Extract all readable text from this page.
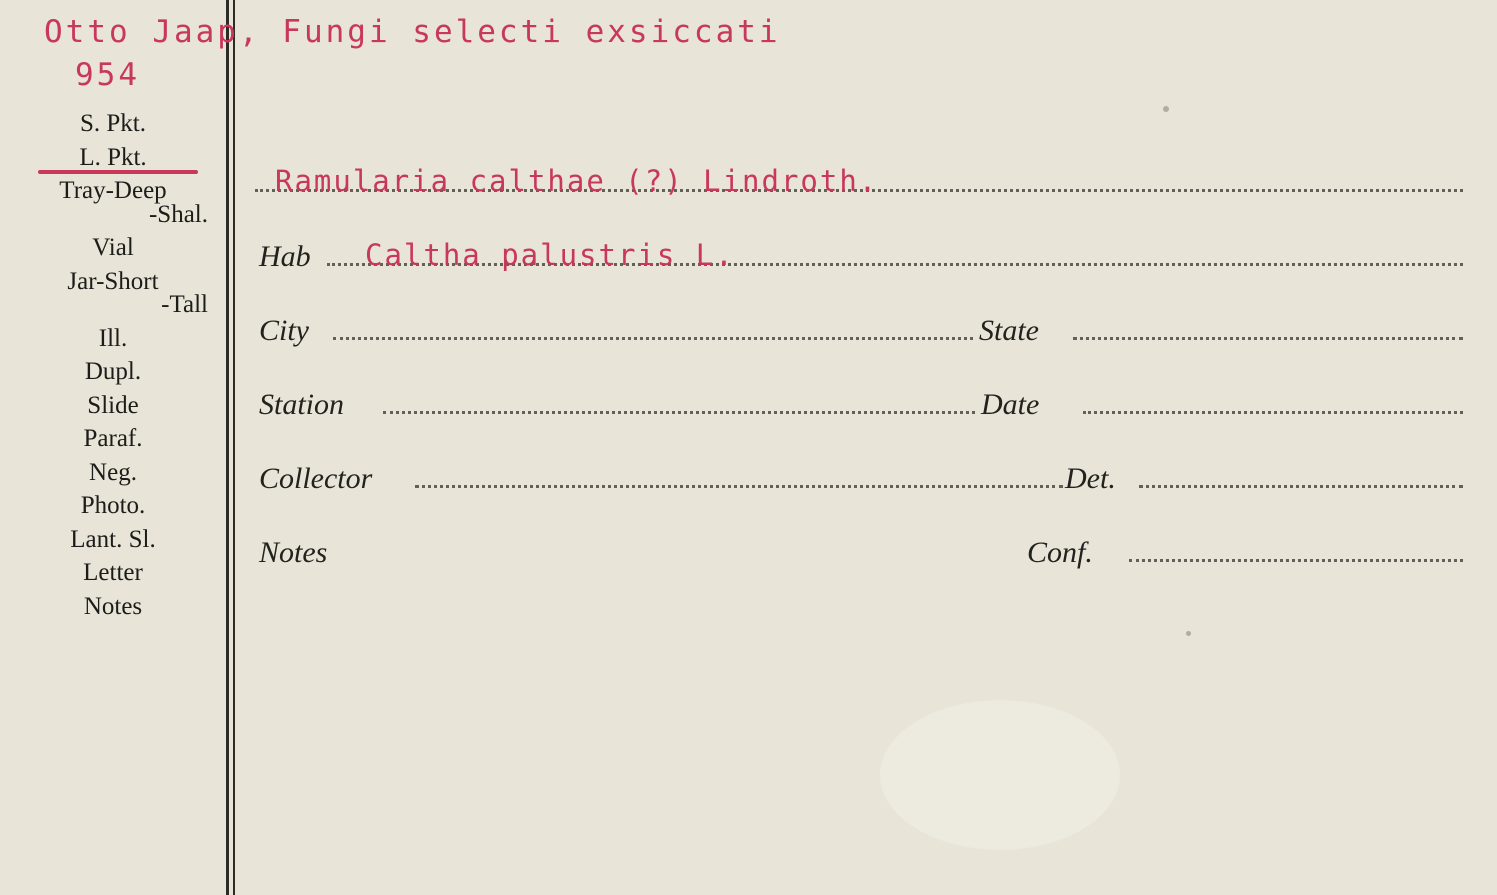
Otto Jaap, Fungi selecti exsiccati
954
S. Pkt.
L. Pkt.
Tray-Deep
-Shal.
Vial
Jar-Short
-Tall
Ill.
Dupl.
Slide
Paraf.
Neg.
Photo.
Lant. Sl.
Letter
Notes
Ramularia calthae (?) Lindroth.
Hab Caltha palustris L.
City	State
Station	Date
Collector	Det.
Notes	Conf.
